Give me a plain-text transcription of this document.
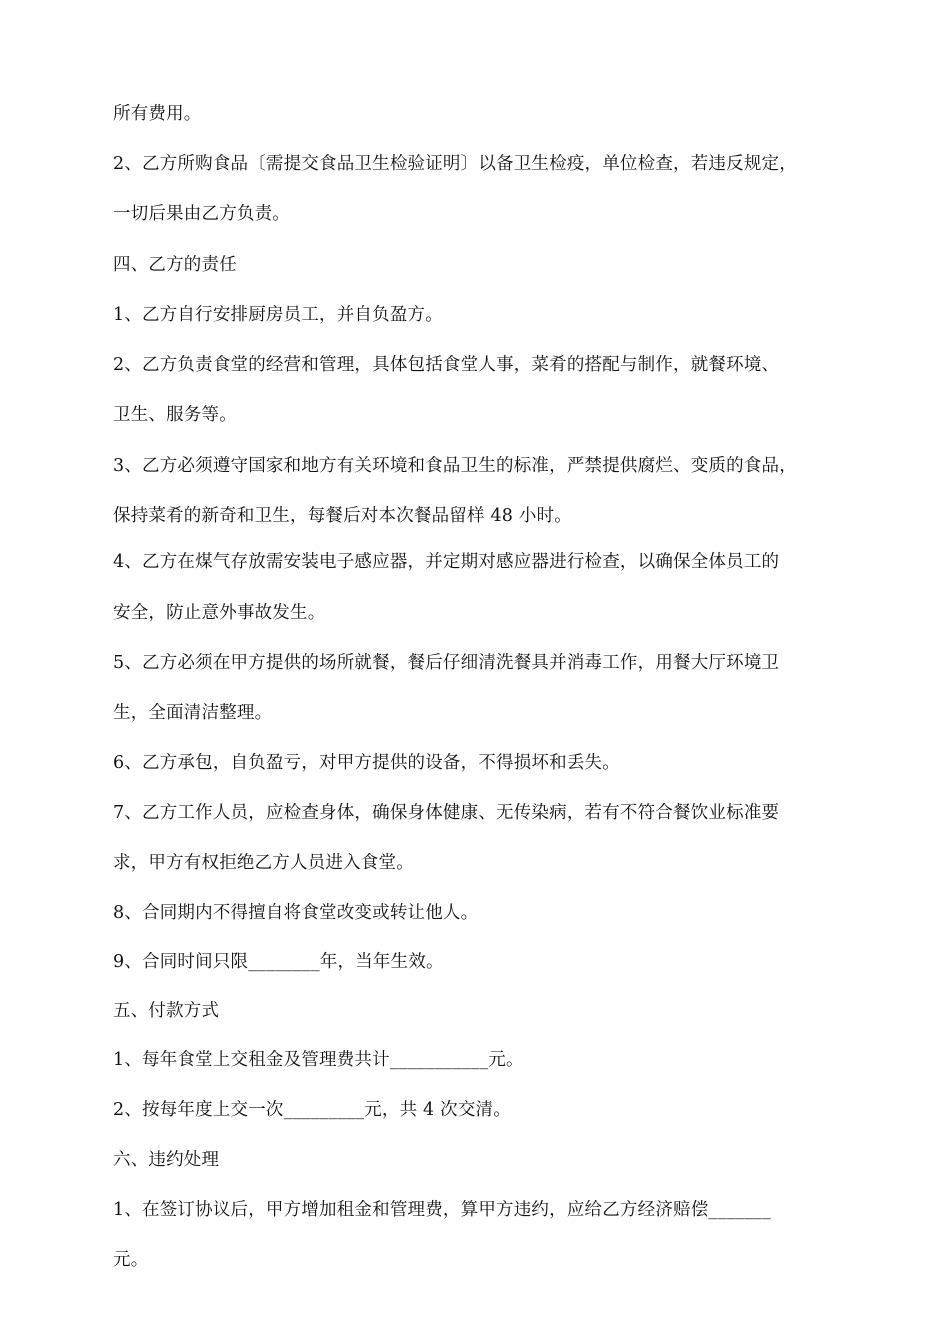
所有费用。
2、乙方所购食品〔需提交食品卫生检验证明〕以备卫生检疫，单位检查，若违反规定，
一切后果由乙方负责。
四、乙方的责任
1、乙方自行安排厨房员工，并自负盈方。
2、乙方负责食堂的经营和管理，具体包括食堂人事，菜肴的搭配与制作，就餐环境、
卫生、服务等。
3、乙方必须遵守国家和地方有关环境和食品卫生的标准，严禁提供腐烂、变质的食品，
保持菜肴的新奇和卫生，每餐后对本次餐品留样 48 小时。
4、乙方在煤气存放需安装电子感应器，并定期对感应器进行检查，以确保全体员工的
安全，防止意外事故发生。
5、乙方必须在甲方提供的场所就餐，餐后仔细清洗餐具并消毒工作，用餐大厅环境卫
生，全面清洁整理。
6、乙方承包，自负盈亏，对甲方提供的设备，不得损坏和丢失。
7、乙方工作人员，应检查身体，确保身体健康、无传染病，若有不符合餐饮业标准要
求，甲方有权拒绝乙方人员进入食堂。
8、合同期内不得擅自将食堂改变或转让他人。
9、合同时间只限________年，当年生效。
五、付款方式
1、每年食堂上交租金及管理费共计___________元。
2、按每年度上交一次_________元，共 4 次交清。
六、违约处理
1、在签订协议后，甲方增加租金和管理费，算甲方违约，应给乙方经济赔偿_______
元。
